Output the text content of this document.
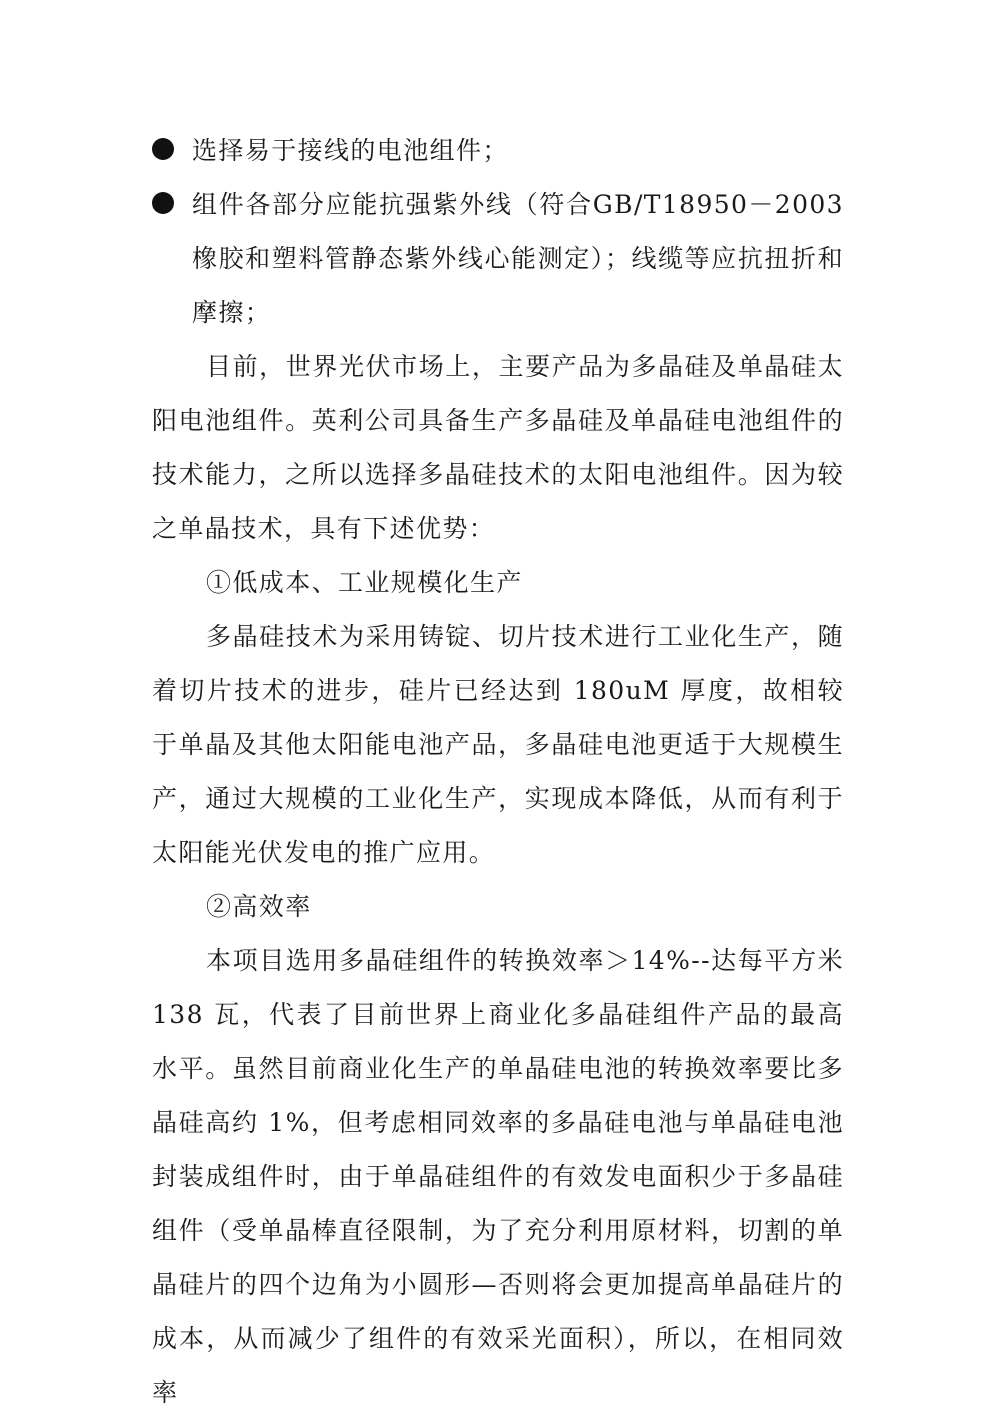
选择易于接线的电池组件；

组件各部分应能抗强紫外线（符合GB/T18950－2003 橡胶和塑料管静态紫外线心能测定）；线缆等应抗扭折和摩擦；

目前，世界光伏市场上，主要产品为多晶硅及单晶硅太阳电池组件。英利公司具备生产多晶硅及单晶硅电池组件的技术能力，之所以选择多晶硅技术的太阳电池组件。因为较之单晶技术，具有下述优势：

①低成本、工业规模化生产

多晶硅技术为采用铸锭、切片技术进行工业化生产，随着切片技术的进步，硅片已经达到 180uM 厚度，故相较于单晶及其他太阳能电池产品，多晶硅电池更适于大规模生产，通过大规模的工业化生产，实现成本降低，从而有利于太阳能光伏发电的推广应用。

②高效率

本项目选用多晶硅组件的转换效率＞14%--达每平方米 138 瓦，代表了目前世界上商业化多晶硅组件产品的最高水平。虽然目前商业化生产的单晶硅电池的转换效率要比多晶硅高约 1%，但考虑相同效率的多晶硅电池与单晶硅电池封装成组件时，由于单晶硅组件的有效发电面积少于多晶硅组件（受单晶棒直径限制，为了充分利用原材料，切割的单晶硅片的四个边角为小圆形—否则将会更加提高单晶硅片的成本，从而减少了组件的有效采光面积），所以，在相同效率
